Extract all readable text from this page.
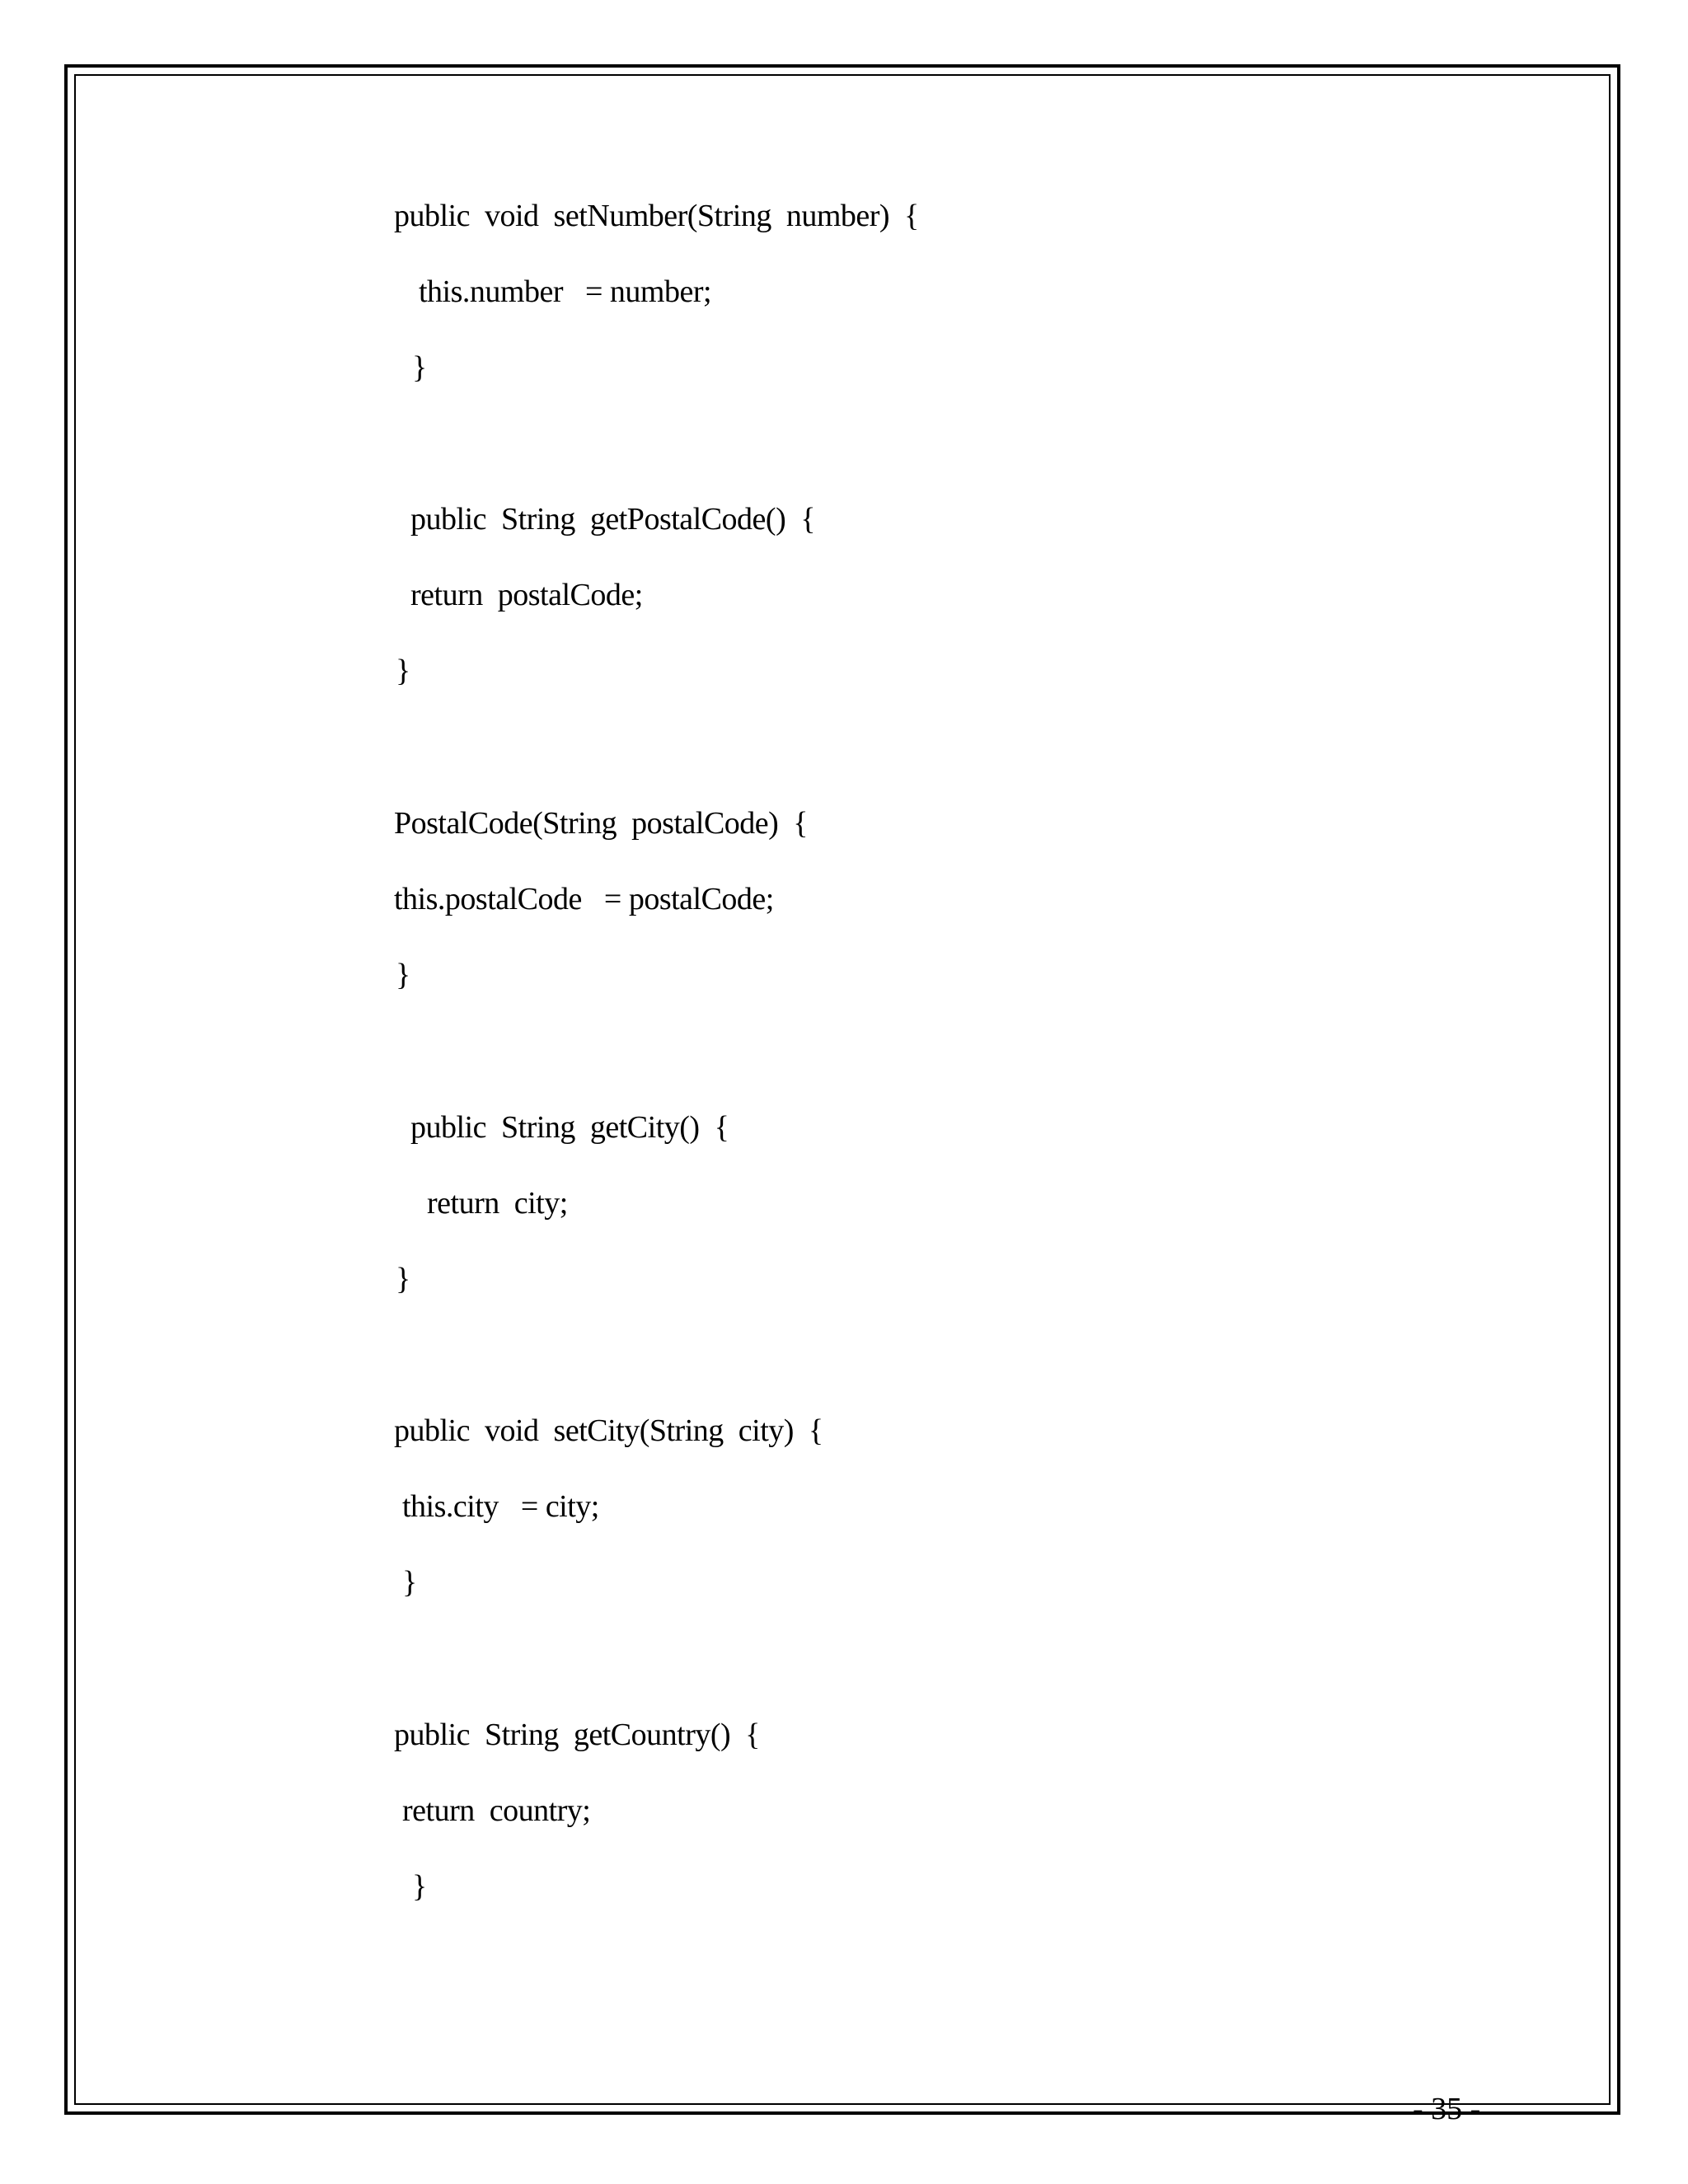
public  void  setNumber(String  number)  {
this.number   = number;
}
public  String  getPostalCode()  {
return  postalCode;
}
PostalCode(String  postalCode)  {
this.postalCode   = postalCode;
}
public  String  getCity()  {
return  city;
}
public  void  setCity(String  city)  {
this.city   = city;
}
public  String  getCountry()  {
return  country;
}
- 35 -
